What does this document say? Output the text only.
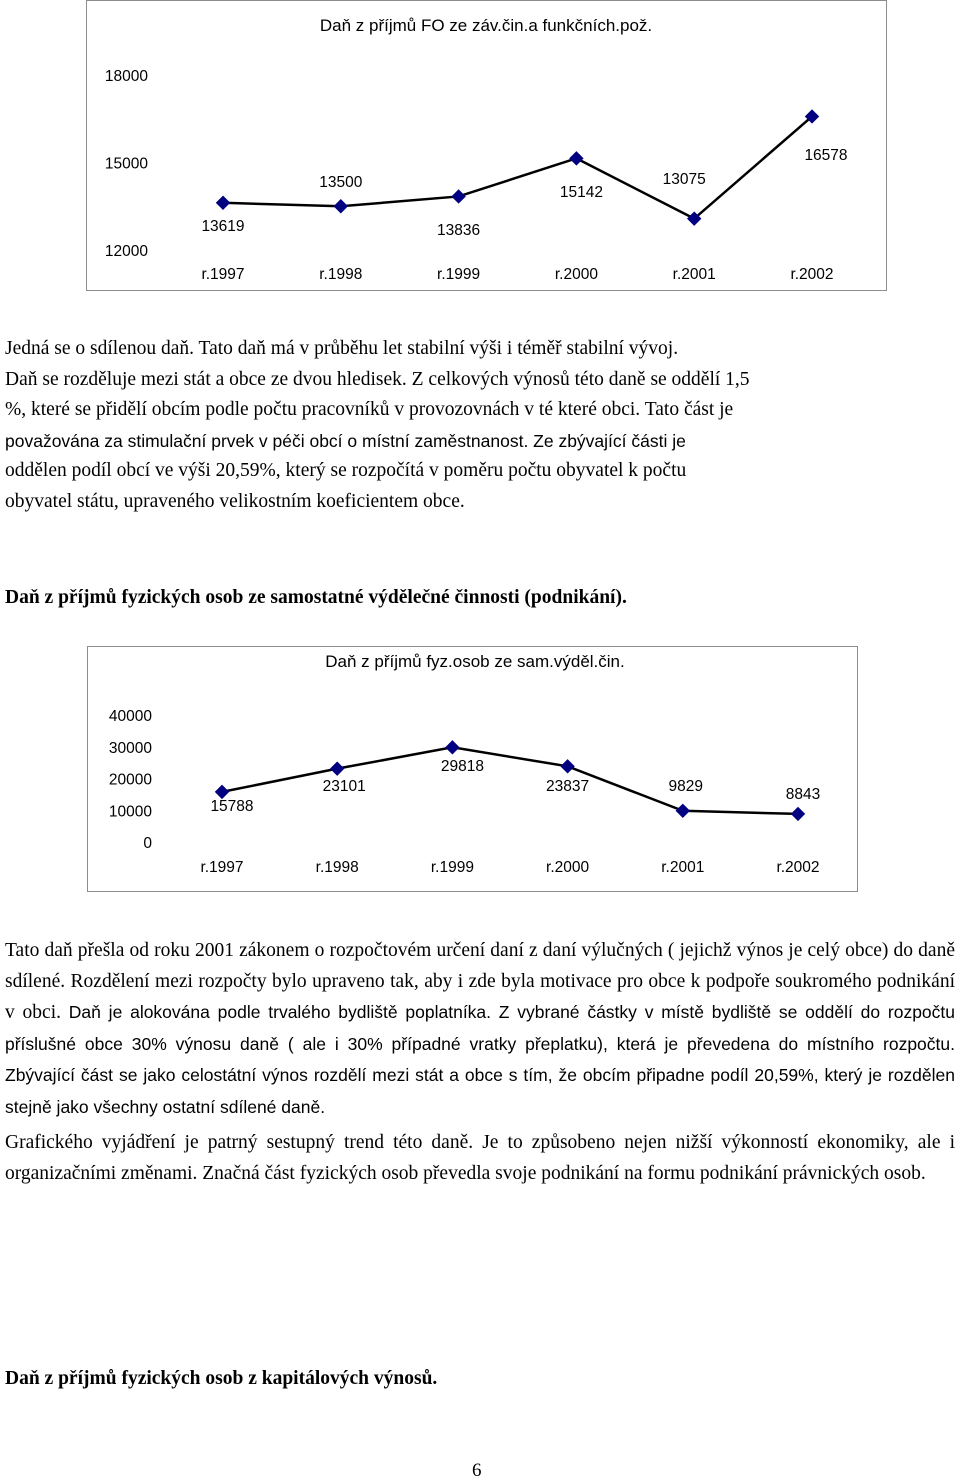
Daň z příjmů FO ze záv.čin.a funkčních.pož.
18000
15000
12000
r.1997	r.1998	r.1999	r.2000	r.2001	r.2002
13619
13500
13836
15142
13075
16578
Jedná se o sdílenou daň. Tato daň má v průběhu let stabilní výši i téměř stabilní vývoj.
Daň se rozděluje mezi stát a obce ze dvou hledisek. Z celkových výnosů této daně se oddělí 1,5
%, které se přidělí obcím podle počtu pracovníků v provozovnách v té které obci. Tato část je
považována za stimulační prvek v péči obcí o místní zaměstnanost. Ze zbývající části je
oddělen podíl obcí ve výši 20,59%, který se rozpočítá v poměru počtu obyvatel k počtu
obyvatel státu, upraveného velikostním koeficientem obce.
Daň z příjmů fyzických osob ze samostatné výdělečné činnosti (podnikání).
Daň z příjmů fyz.osob ze sam.výděl.čin.
40000
30000
20000
10000
0
r.1997	r.1998	r.1999	r.2000	r.2001	r.2002
15788
23101
29818
23837	9829	8843

Tato daň přešla od roku 2001 zákonem o rozpočtovém určení daní z daní výlučných ( jejichž výnos je celý obce) do daně sdílené. Rozdělení mezi rozpočty bylo upraveno tak, aby i zde byla motivace pro obce k podpoře soukromého podnikání v obci. Daň je alokována podle trvalého bydliště poplatníka. Z vybrané částky v místě bydliště se oddělí do rozpočtu příslušné obce 30% výnosu daně ( ale i 30% případné vratky přeplatku), která je převedena do místního rozpočtu. Zbývající část se jako celostátní výnos rozdělí mezi stát a obce s tím, že obcím připadne podíl 20,59%, který je rozdělen stejně jako všechny ostatní sdílené daně.

Grafického vyjádření je patrný sestupný trend této daně. Je to způsobeno nejen nižší výkonností ekonomiky, ale i organizačními změnami. Značná část fyzických osob převedla svoje podnikání na formu podnikání právnických osob.

Daň z příjmů fyzických osob z kapitálových výnosů.
6
